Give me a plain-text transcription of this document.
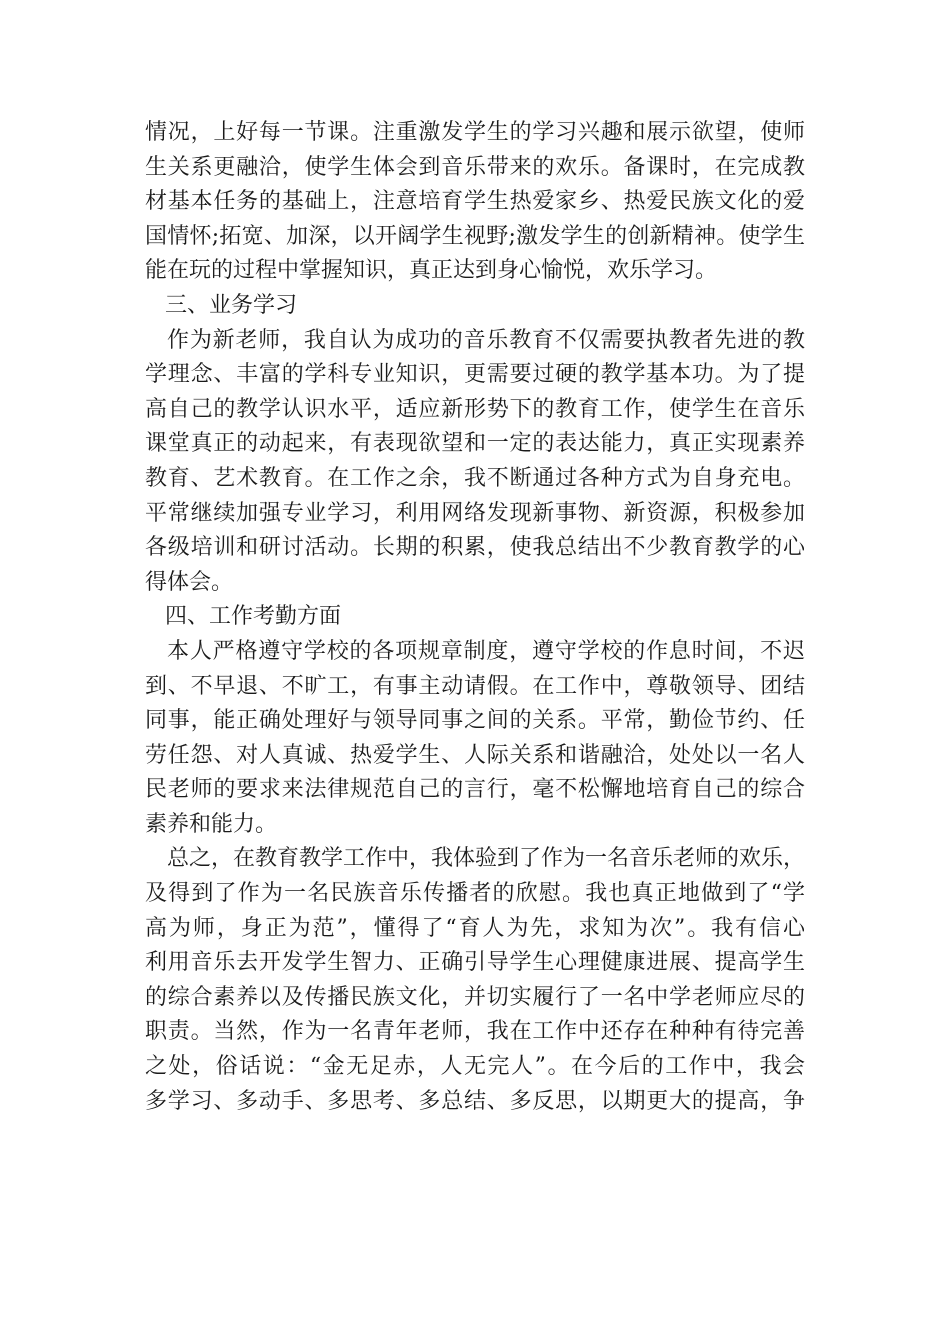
情况，上好每一节课。注重激发学生的学习兴趣和展示欲望，使师
生关系更融洽，使学生体会到音乐带来的欢乐。备课时，在完成教
材基本任务的基础上，注意培育学生热爱家乡、热爱民族文化的爱
国情怀;拓宽、加深，以开阔学生视野;激发学生的创新精神。使学生
能在玩的过程中掌握知识，真正达到身心愉悦，欢乐学习。
三、业务学习
作为新老师，我自认为成功的音乐教育不仅需要执教者先进的教
学理念、丰富的学科专业知识，更需要过硬的教学基本功。为了提
高自己的教学认识水平，适应新形势下的教育工作，使学生在音乐
课堂真正的动起来，有表现欲望和一定的表达能力，真正实现素养
教育、艺术教育。在工作之余，我不断通过各种方式为自身充电。
平常继续加强专业学习，利用网络发现新事物、新资源，积极参加
各级培训和研讨活动。长期的积累，使我总结出不少教育教学的心
得体会。
四、工作考勤方面
本人严格遵守学校的各项规章制度，遵守学校的作息时间，不迟
到、不早退、不旷工，有事主动请假。在工作中，尊敬领导、团结
同事，能正确处理好与领导同事之间的关系。平常，勤俭节约、任
劳任怨、对人真诚、热爱学生、人际关系和谐融洽，处处以一名人
民老师的要求来法律规范自己的言行，毫不松懈地培育自己的综合
素养和能力。
总之，在教育教学工作中，我体验到了作为一名音乐老师的欢乐，
及得到了作为一名民族音乐传播者的欣慰。我也真正地做到了“学
高为师，身正为范”，懂得了“育人为先，求知为次”。我有信心
利用音乐去开发学生智力、正确引导学生心理健康进展、提高学生
的综合素养以及传播民族文化，并切实履行了一名中学老师应尽的
职责。当然，作为一名青年老师，我在工作中还存在种种有待完善
之处，俗话说：“金无足赤，人无完人”。在今后的工作中，我会
多学习、多动手、多思考、多总结、多反思，以期更大的提高，争
